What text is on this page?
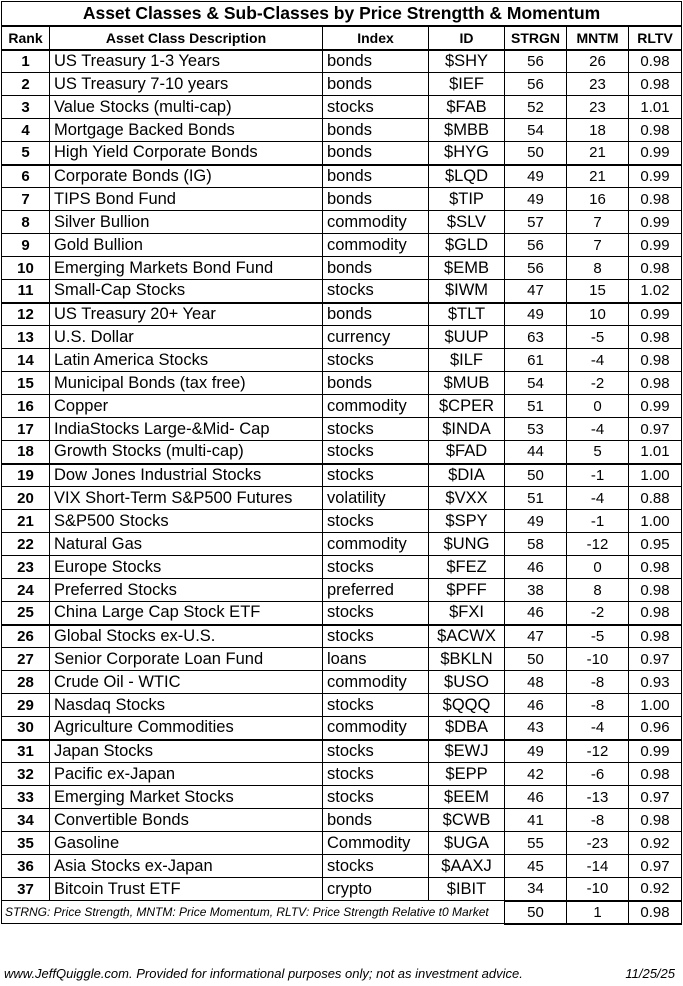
Asset Classes & Sub-Classes by Price Strengtth & Momentum						
Rank	Asset Class Description	Index	ID	STRGN	MNTM	RLTV
1	US Treasury 1-3 Years	bonds	$SHY	56	26	0.98
2	US Treasury 7-10 years	bonds	$IEF	56	23	0.98
3	Value Stocks (multi-cap)	stocks	$FAB	52	23	1.01
4	Mortgage Backed Bonds	bonds	$MBB	54	18	0.98
5	High Yield Corporate Bonds	bonds	$HYG	50	21	0.99
6	Corporate Bonds (IG)	bonds	$LQD	49	21	0.99
7	TIPS Bond Fund	bonds	$TIP	49	16	0.98
8	Silver Bullion	commodity	$SLV	57	7	0.99
9	Gold Bullion	commodity	$GLD	56	7	0.99
10	Emerging Markets Bond Fund	bonds	$EMB	56	8	0.98
11	Small-Cap Stocks	stocks	$IWM	47	15	1.02
12	US Treasury 20+ Year	bonds	$TLT	49	10	0.99
13	U.S. Dollar	currency	$UUP	63	-5	0.98
14	Latin America Stocks	stocks	$ILF	61	-4	0.98
15	Municipal Bonds (tax free)	bonds	$MUB	54	-2	0.98
16	Copper	commodity	$CPER	51	0	0.99
17	IndiaStocks Large-&Mid- Cap	stocks	$INDA	53	-4	0.97
18	Growth Stocks (multi-cap)	stocks	$FAD	44	5	1.01
19	Dow Jones Industrial Stocks	stocks	$DIA	50	-1	1.00
20	VIX Short-Term S&P500 Futures	volatility	$VXX	51	-4	0.88
21	S&P500 Stocks	stocks	$SPY	49	-1	1.00
22	Natural Gas	commodity	$UNG	58	-12	0.95
23	Europe Stocks	stocks	$FEZ	46	0	0.98
24	Preferred Stocks	preferred	$PFF	38	8	0.98
25	China Large Cap Stock ETF	stocks	$FXI	46	-2	0.98
26	Global Stocks ex-U.S.	stocks	$ACWX	47	-5	0.98
27	Senior Corporate Loan Fund	loans	$BKLN	50	-10	0.97
28	Crude Oil - WTIC	commodity	$USO	48	-8	0.93
29	Nasdaq Stocks	stocks	$QQQ	46	-8	1.00
30	Agriculture Commodities	commodity	$DBA	43	-4	0.96
31	Japan Stocks	stocks	$EWJ	49	-12	0.99
32	Pacific ex-Japan	stocks	$EPP	42	-6	0.98
33	Emerging Market Stocks	stocks	$EEM	46	-13	0.97
34	Convertible Bonds	bonds	$CWB	41	-8	0.98
35	Gasoline	Commodity	$UGA	55	-23	0.92
36	Asia Stocks ex-Japan	stocks	$AAXJ	45	-14	0.97
37	Bitcoin Trust ETF	crypto	$IBIT	34	-10	0.92
STRNG: Price Strength, MNTM: Price Momentum, RLTV: Price Strength Relative t0 Market				50	1	0.98
www.JeffQuiggle.com. Provided for informational purposes only; not as investment advice.	11/25/25
